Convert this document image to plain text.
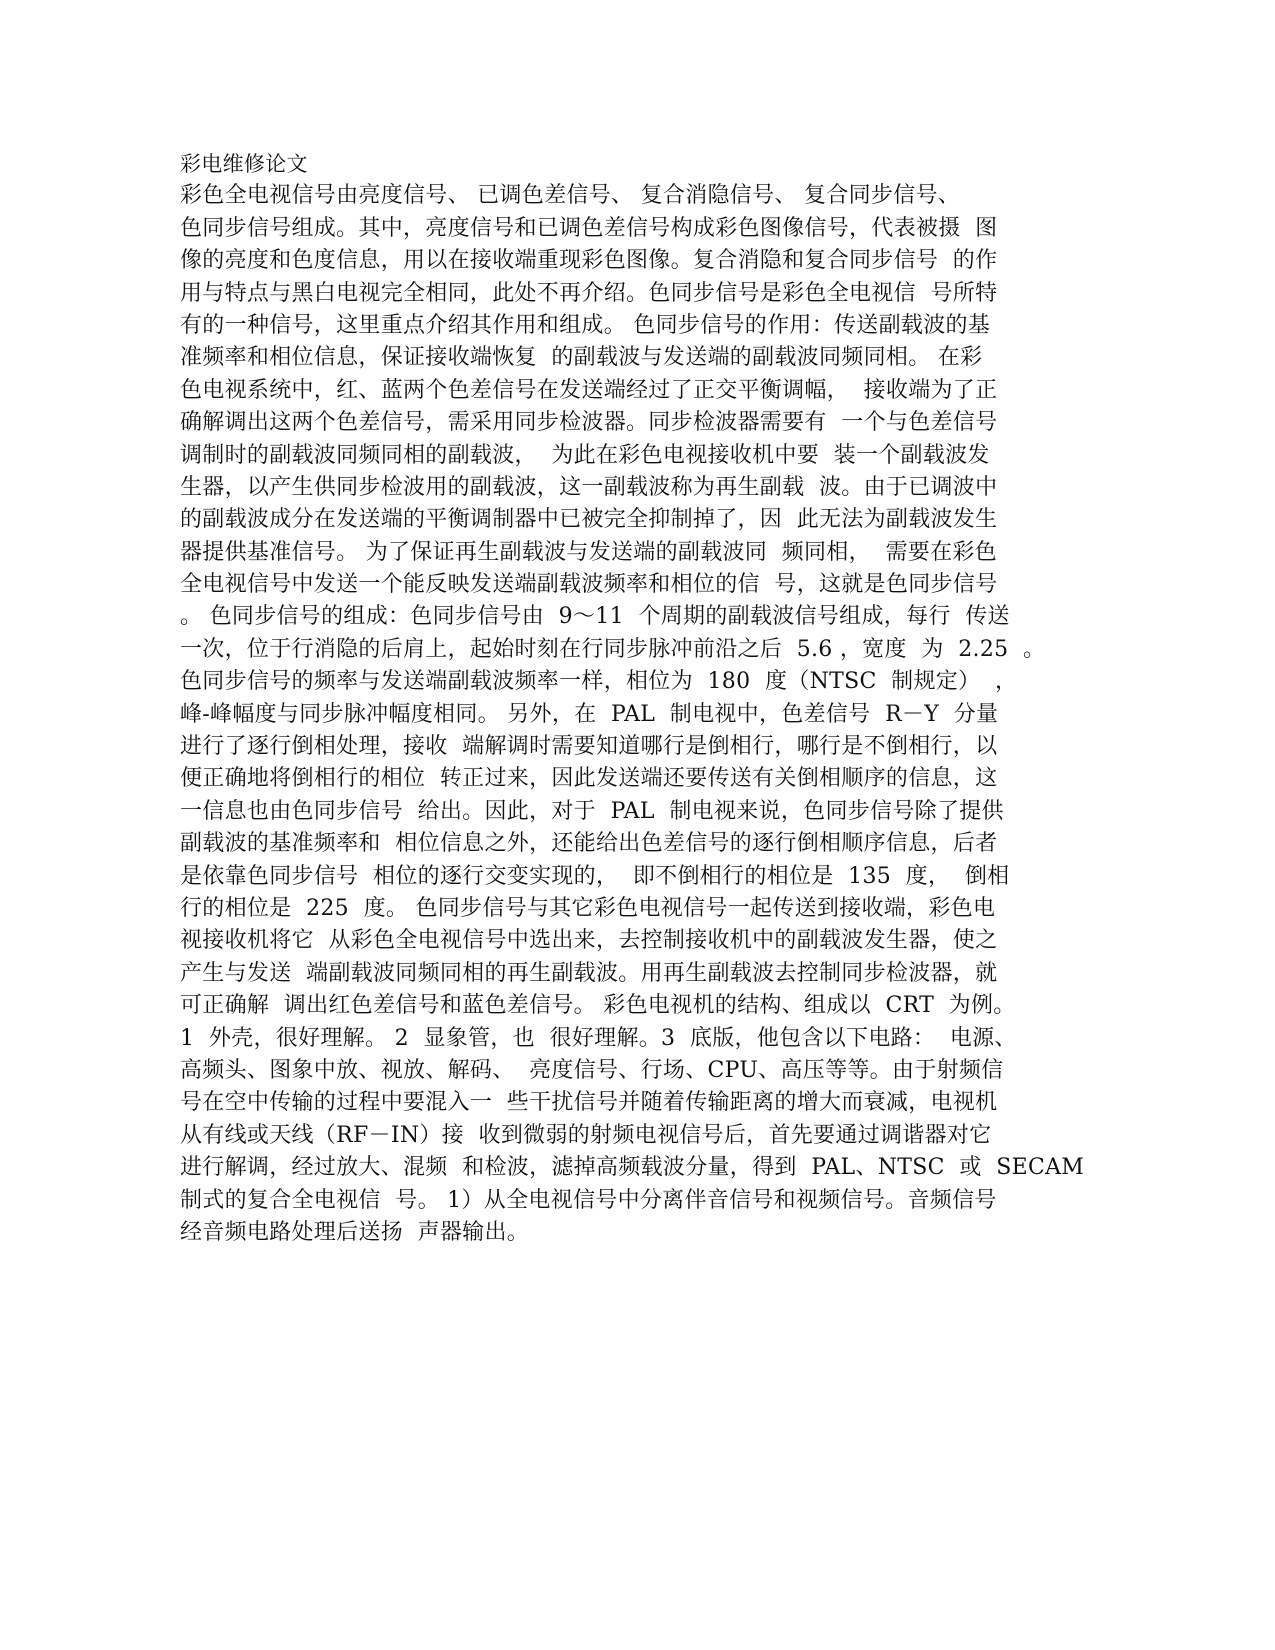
彩电维修论文
彩色全电视信号由亮度信号、 已调色差信号、 复合消隐信号、 复合同步信号、
色同步信号组成。其中，亮度信号和已调色差信号构成彩色图像信号，代表被摄  图
像的亮度和色度信息，用以在接收端重现彩色图像。复合消隐和复合同步信号  的作
用与特点与黑白电视完全相同，此处不再介绍。色同步信号是彩色全电视信  号所特
有的一种信号，这里重点介绍其作用和组成。 色同步信号的作用：传送副载波的基
准频率和相位信息，保证接收端恢复  的副载波与发送端的副载波同频同相。 在彩
色电视系统中，红、蓝两个色差信号在发送端经过了正交平衡调幅，  接收端为了正
确解调出这两个色差信号，需采用同步检波器。同步检波器需要有  一个与色差信号
调制时的副载波同频同相的副载波，  为此在彩色电视接收机中要  装一个副载波发
生器，以产生供同步检波用的副载波，这一副载波称为再生副载  波。由于已调波中
的副载波成分在发送端的平衡调制器中已被完全抑制掉了，因  此无法为副载波发生
器提供基准信号。 为了保证再生副载波与发送端的副载波同  频同相，  需要在彩色
全电视信号中发送一个能反映发送端副载波频率和相位的信  号，这就是色同步信号
。 色同步信号的组成：色同步信号由  9～11  个周期的副载波信号组成，每行  传送
一次，位于行消隐的后肩上，起始时刻在行同步脉冲前沿之后  5.6 ，宽度  为  2.25  。
色同步信号的频率与发送端副载波频率一样，相位为  180  度（NTSC  制规定）  ，
峰-峰幅度与同步脉冲幅度相同。 另外，在  PAL  制电视中，色差信号  R－Y  分量
进行了逐行倒相处理，接收  端解调时需要知道哪行是倒相行，哪行是不倒相行，以
便正确地将倒相行的相位  转正过来，因此发送端还要传送有关倒相顺序的信息，这
一信息也由色同步信号  给出。因此，对于  PAL  制电视来说，色同步信号除了提供
副载波的基准频率和  相位信息之外，还能给出色差信号的逐行倒相顺序信息，后者
是依靠色同步信号  相位的逐行交变实现的，  即不倒相行的相位是  135  度，  倒相
行的相位是  225  度。 色同步信号与其它彩色电视信号一起传送到接收端，彩色电
视接收机将它  从彩色全电视信号中选出来，去控制接收机中的副载波发生器，使之
产生与发送  端副载波同频同相的再生副载波。用再生副载波去控制同步检波器，就
可正确解  调出红色差信号和蓝色差信号。 彩色电视机的结构、组成以  CRT  为例。
1  外壳，很好理解。 2  显象管，也  很好理解。3  底版，他包含以下电路：  电源、
高频头、图象中放、视放、解码、  亮度信号、行场、CPU、高压等等。由于射频信
号在空中传输的过程中要混入一  些干扰信号并随着传输距离的增大而衰减，电视机
从有线或天线（RF－IN）接  收到微弱的射频电视信号后，首先要通过调谐器对它
进行解调，经过放大、混频  和检波，滤掉高频载波分量，得到  PAL、NTSC  或  SECAM
制式的复合全电视信  号。 1）从全电视信号中分离伴音信号和视频信号。音频信号
经音频电路处理后送扬  声器输出。
